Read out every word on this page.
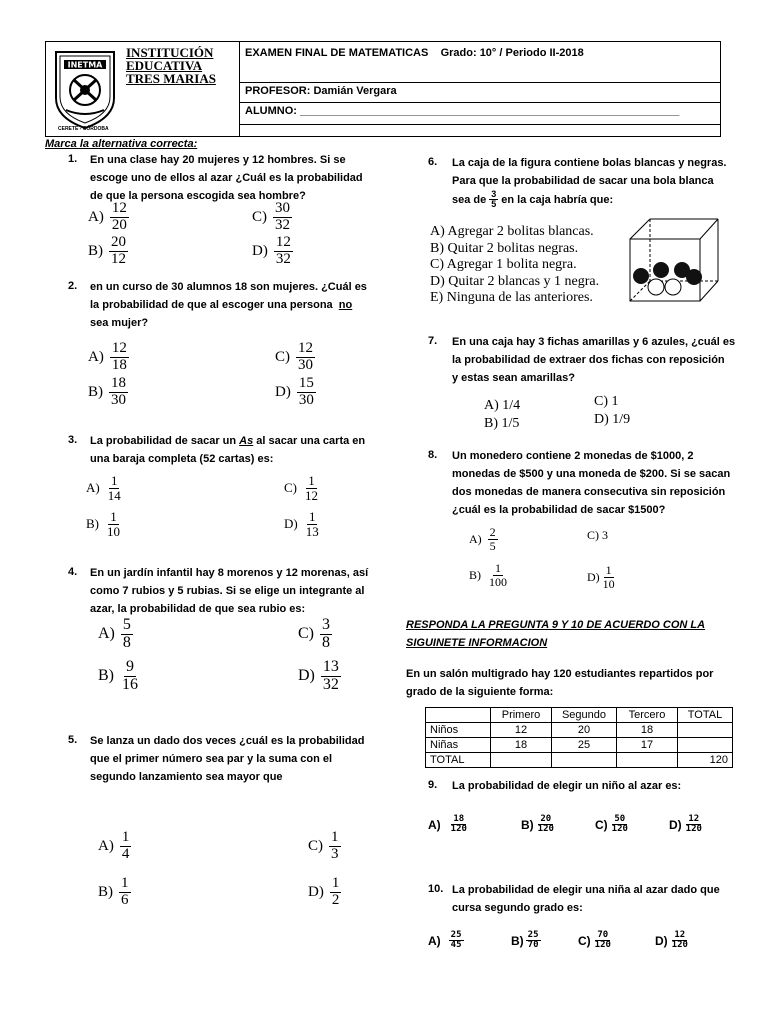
INETMA
CERETE - CÓRDOBA
INSTITUCIÓN
EDUCATIVA
TRES MARIAS
EXAMEN FINAL DE MATEMATICAS Grado: 10° / Periodo II-2018
PROFESOR: Damián Vergara
ALUMNO: ______________________________________________________________
Marca la alternativa correcta:
1. En una clase hay 20 mujeres y 12 hombres. Si se
escoge uno de ellos al azar ¿Cuál es la probabilidad
de que la persona escogida sea hombre?
$A) \frac{12}{20}$	$C) \frac{30}{32}$
$B) \frac{20}{12}$	$D) \frac{12}{32}$
2. en un curso de 30 alumnos 18 son mujeres. ¿Cuál es
la probabilidad de que al escoger una persona no
sea mujer?
$A) \frac{12}{18}$	$C) \frac{12}{30}$
$B) \frac{18}{30}$	$D) \frac{15}{30}$
3. La probabilidad de sacar un As al sacar una carta en
una baraja completa (52 cartas) es:
$A) \frac{1}{14}$	$C) \frac{1}{12}$
$B) \frac{1}{10}$	$D) \frac{1}{13}$
4. En un jardín infantil hay 8 morenos y 12 morenas, así
como 7 rubios y 5 rubias. Si se elige un integrante al
azar, la probabilidad de que sea rubio es:
$A) \frac{5}{8}$	$C) \frac{3}{8}$
$B) \frac{9}{16}$	$D) \frac{13}{32}$
5. Se lanza un dado dos veces ¿cuál es la probabilidad
que el primer número sea par y la suma con el
segundo lanzamiento sea mayor que
$A) \frac{1}{4}$	$C) \frac{1}{3}$
$B) \frac{1}{6}$	$D) \frac{1}{2}$
6. La caja de la figura contiene bolas blancas y negras.
Para que la probabilidad de sacar una bola blanca
sea de $\frac{3}{5}$ en la caja habría que:
A) Agregar 2 bolitas blancas.
B) Quitar 2 bolitas negras.
C) Agregar 1 bolita negra.
D) Quitar 2 blancas y 1 negra.
E) Ninguna de las anteriores.
7. En una caja hay 3 fichas amarillas y 6 azules, ¿cuál es
la probabilidad de extraer dos fichas con reposición
y estas sean amarillas?
A) 1/4	C) 1
B) 1/5	D) 1/9
8. Un monedero contiene 2 monedas de $1000, 2
monedas de $500 y una moneda de $200. Si se sacan
dos monedas de manera consecutiva sin reposición
¿cuál es la probabilidad de sacar $1500?
$A) \frac{2}{5}$	C) 3
$B) \frac{1}{100}$	$D) \frac{1}{10}$
RESPONDA LA PREGUNTA 9 Y 10 DE ACUERDO CON LA
SIGUINETE INFORMACION
En un salón multigrado hay 120 estudiantes repartidos por
grado de la siguiente forma:
	Primero	Segundo	Tercero	TOTAL
Niños	12	20	18	
Niñas	18	25	17	
TOTAL				120
9. La probabilidad de elegir un niño al azar es:
$A) \frac{18}{120}$	$B) \frac{20}{120}$	$C) \frac{50}{120}$	$D) \frac{12}{120}$
10. La probabilidad de elegir una niña al azar dado que
cursa segundo grado es:
$A) \frac{25}{45}$	$B) \frac{25}{70}$	$C) \frac{70}{120}$	$D) \frac{12}{120}$
